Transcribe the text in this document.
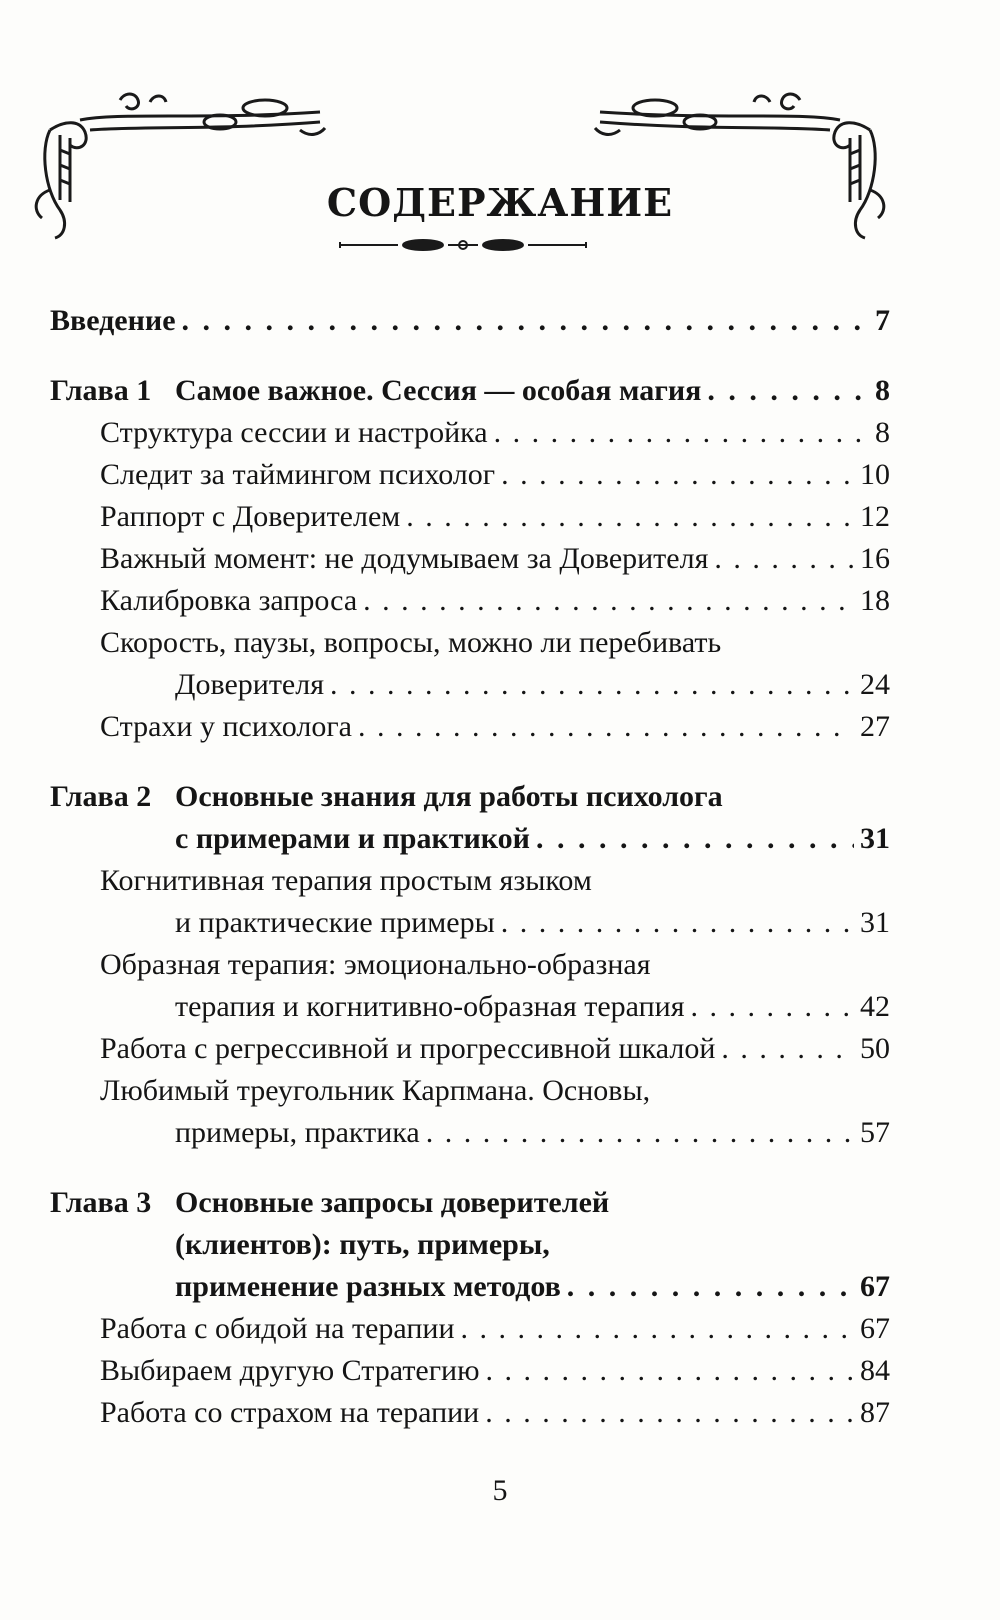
СОДЕРЖАНИЕ
Введение . . .	7
Глава 1 Самое важное. Сессия — особая магия . . .	8
Структура сессии и настройка . . .	8
Следит за таймингом психолог . . .	10
Раппорт с Доверителем . . .	12
Важный момент: не додумываем за Доверителя . . .	16
Калибровка запроса . . .	18
Скорость, паузы, вопросы, можно ли перебивать
Доверителя . . .	24
Страхи у психолога . . .	27
Глава 2 Основные знания для работы психолога
с примерами и практикой . . .	31
Когнитивная терапия простым языком
и практические примеры . . .	31
Образная терапия: эмоционально-образная
терапия и когнитивно-образная терапия . . .	42
Работа с регрессивной и прогрессивной шкалой . . .	50
Любимый треугольник Карпмана. Основы,
примеры, практика . . .	57
Глава 3 Основные запросы доверителей
(клиентов): путь, примеры,
применение разных методов . . .	67
Работа с обидой на терапии . . .	67
Выбираем другую Стратегию . . .	84
Работа со страхом на терапии . . .	87
5
